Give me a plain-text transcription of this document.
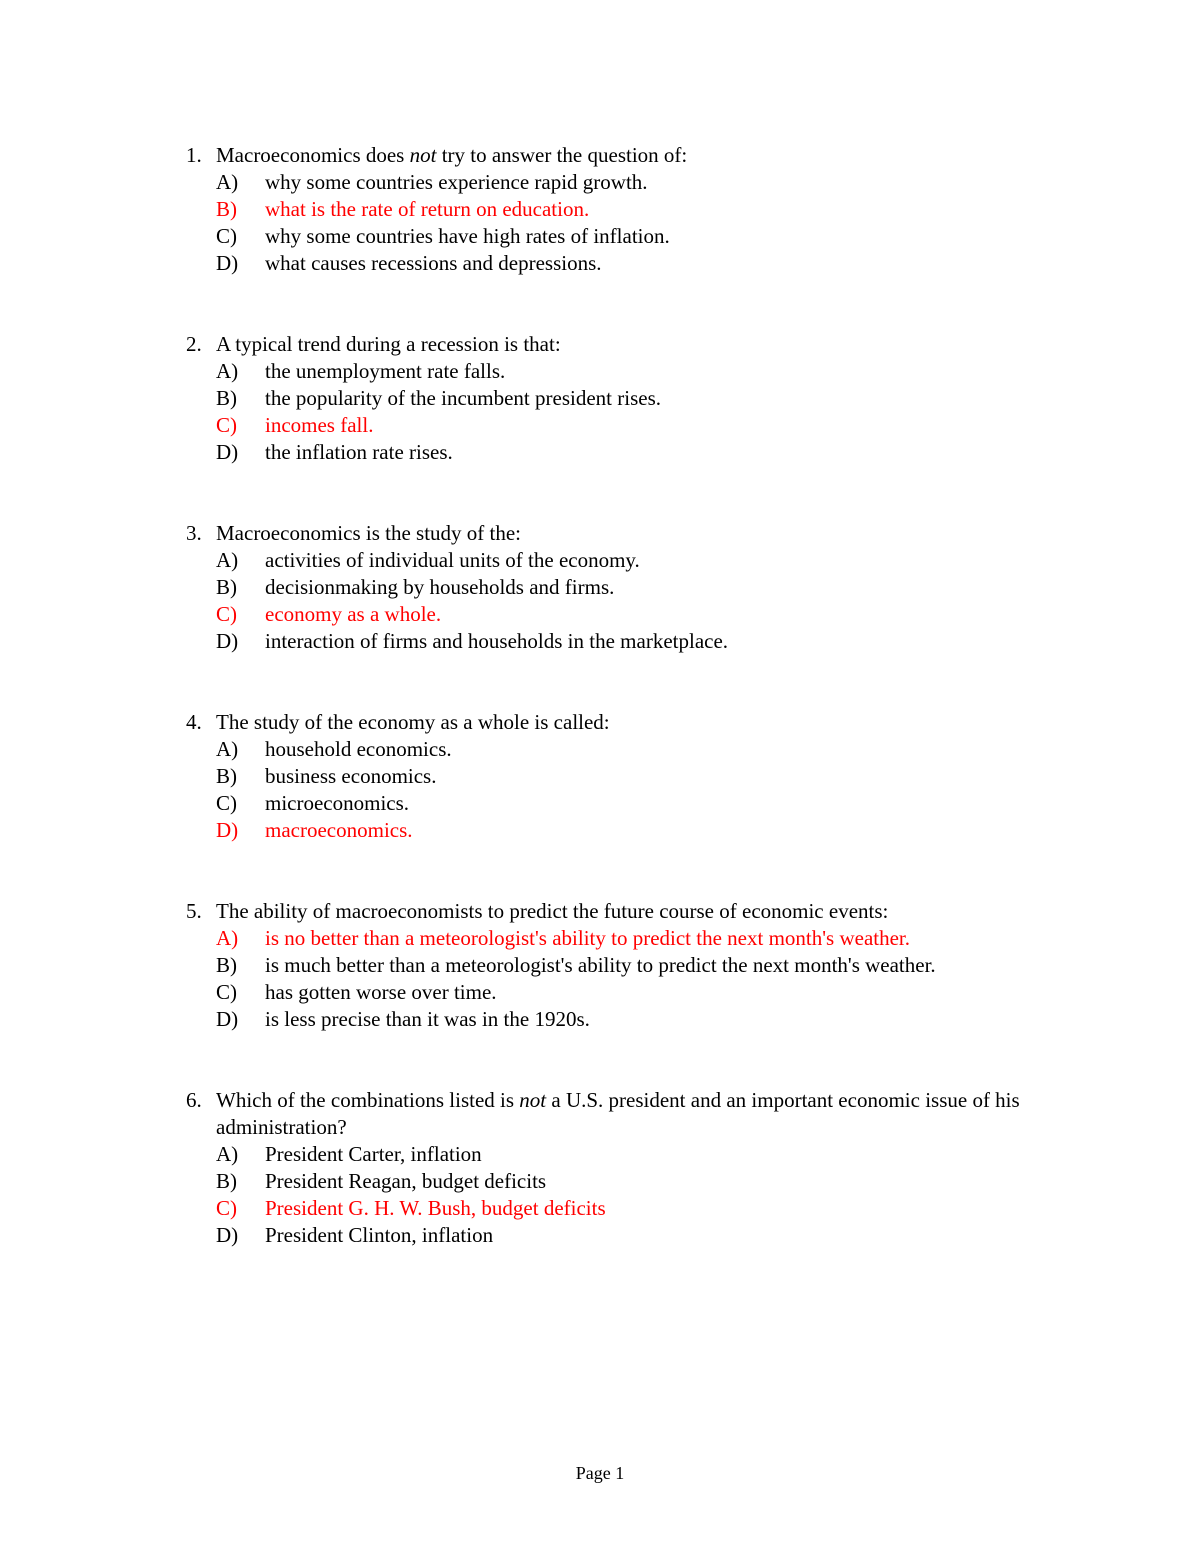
1. Macroeconomics does not try to answer the question of:
A) why some countries experience rapid growth.
B) what is the rate of return on education.
C) why some countries have high rates of inflation.
D) what causes recessions and depressions.
2. A typical trend during a recession is that:
A) the unemployment rate falls.
B) the popularity of the incumbent president rises.
C) incomes fall.
D) the inflation rate rises.
3. Macroeconomics is the study of the:
A) activities of individual units of the economy.
B) decisionmaking by households and firms.
C) economy as a whole.
D) interaction of firms and households in the marketplace.
4. The study of the economy as a whole is called:
A) household economics.
B) business economics.
C) microeconomics.
D) macroeconomics.
5. The ability of macroeconomists to predict the future course of economic events:
A) is no better than a meteorologist's ability to predict the next month's weather.
B) is much better than a meteorologist's ability to predict the next month's weather.
C) has gotten worse over time.
D) is less precise than it was in the 1920s.
6. Which of the combinations listed is not a U.S. president and an important economic issue of his administration?
A) President Carter, inflation
B) President Reagan, budget deficits
C) President G. H. W. Bush, budget deficits
D) President Clinton, inflation
Page 1
